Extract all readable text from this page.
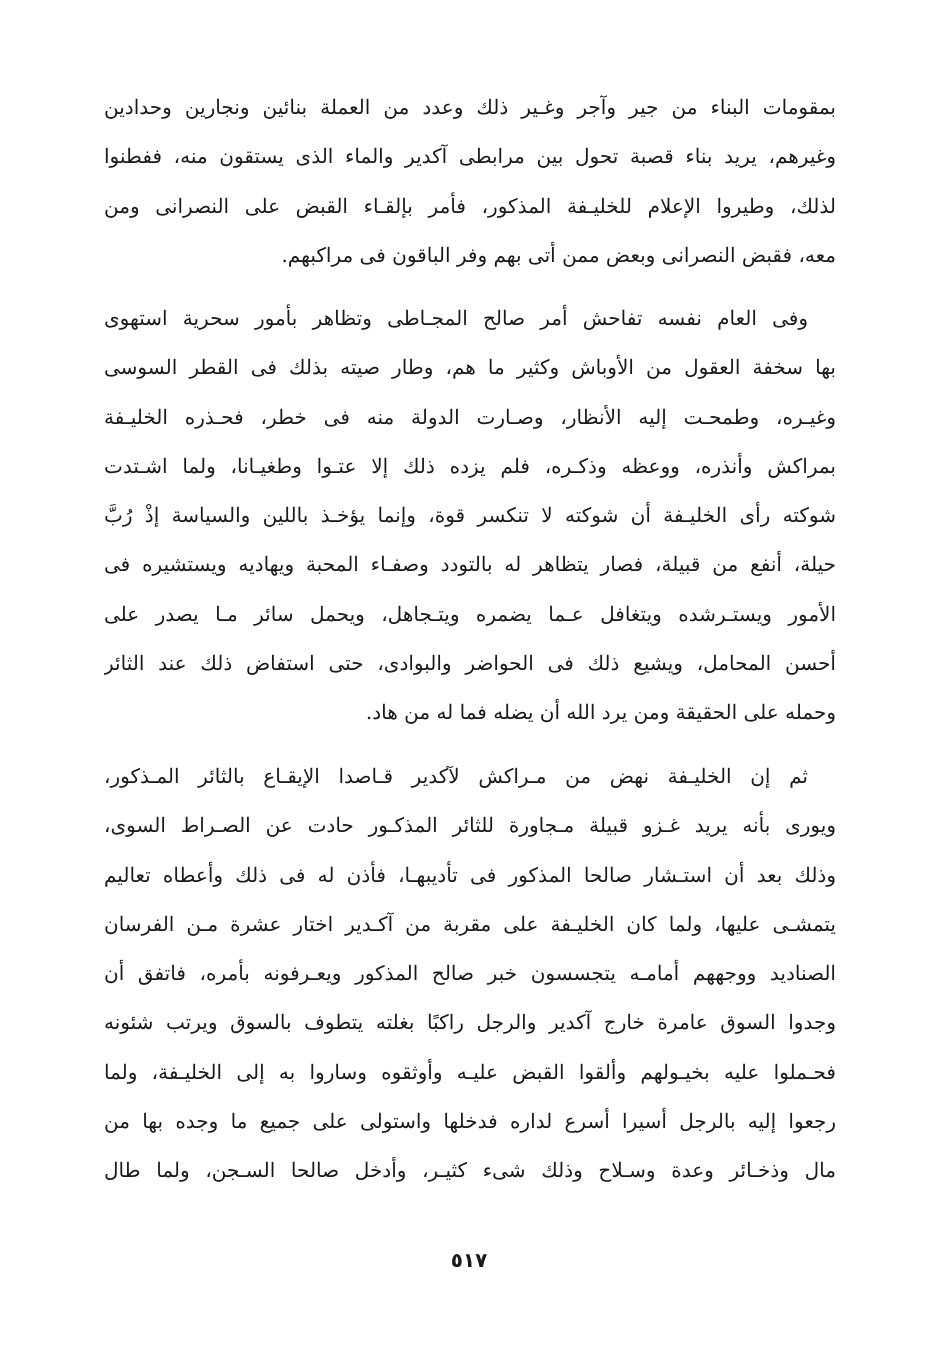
بمقومات البناء من جير وآجر وغـير ذلك وعدد من العملة بنائين ونجارين وحدادين
وغيرهم، يريد بناء قصبة تحول بين مرابطى آكدير والماء الذى يستقون منه، ففطنوا
لذلك، وطيروا الإعلام للخليـفة المذكور، فأمر بإلقـاء القبض على النصرانى ومن
معه، فقبض النصرانى وبعض ممن أتى بهم وفر الباقون فى مراكبهم.
وفى العام نفسه تفاحش أمر صالح المجـاطى وتظاهر بأمور سحرية استهوى
بها سخفة العقول من الأوباش وكثير ما هم، وطار صيته بذلك فى القطر السوسى
وغيـره، وطمحـت إليه الأنظار، وصـارت الدولة منه فى خطر، فحـذره الخليـفة
بمراكش وأنذره، ووعظه وذكـره، فلم يزده ذلك إلا عتـوا وطغيـانا، ولما اشـتدت
شوكته رأى الخليـفة أن شوكته لا تنكسر قوة، وإنما يؤخـذ باللين والسياسة إذْ رُبَّ
حيلة، أنفع من قبيلة، فصار يتظاهر له بالتودد وصفـاء المحبة ويهاديه ويستشيره فى
الأمور ويستـرشده ويتغافل عـما يضمره ويتـجاهل، ويحمل سائر مـا يصدر على
أحسن المحامل، ويشيع ذلك فى الحواضر والبوادى، حتى استفاض ذلك عند الثائر
وحمله على الحقيقة ومن يرد الله أن يضله فما له من هاد.
ثم إن الخليـفة نهض من مـراكش لآكدير قـاصدا الإيقـاع بالثائر المـذكور،
ويورى بأنه يريد غـزو قبيلة مـجاورة للثائر المذكـور حادت عن الصـراط السوى،
وذلك بعد أن استـشار صالحا المذكور فى تأديبهـا، فأذن له فى ذلك وأعطاه تعاليم
يتمشـى عليها، ولما كان الخليـفة على مقربة من آكـدير اختار عشرة مـن الفرسان
الصناديد ووجههم أمامـه يتجسسون خبر صالح المذكور ويعـرفونه بأمره، فاتفق أن
وجدوا السوق عامرة خارج آكدير والرجل راكبًا بغلته يتطوف بالسوق ويرتب شئونه
فحـملوا عليه بخيـولهم وألقوا القبض عليـه وأوثقوه وساروا به إلى الخليـفة، ولما
رجعوا إليه بالرجل أسيرا أسرع لداره فدخلها واستولى على جميع ما وجده بها من
مال وذخـائر وعدة وسـلاح وذلك شىء كثيـر، وأدخل صالحا السـجن، ولما طال
٥١٧
